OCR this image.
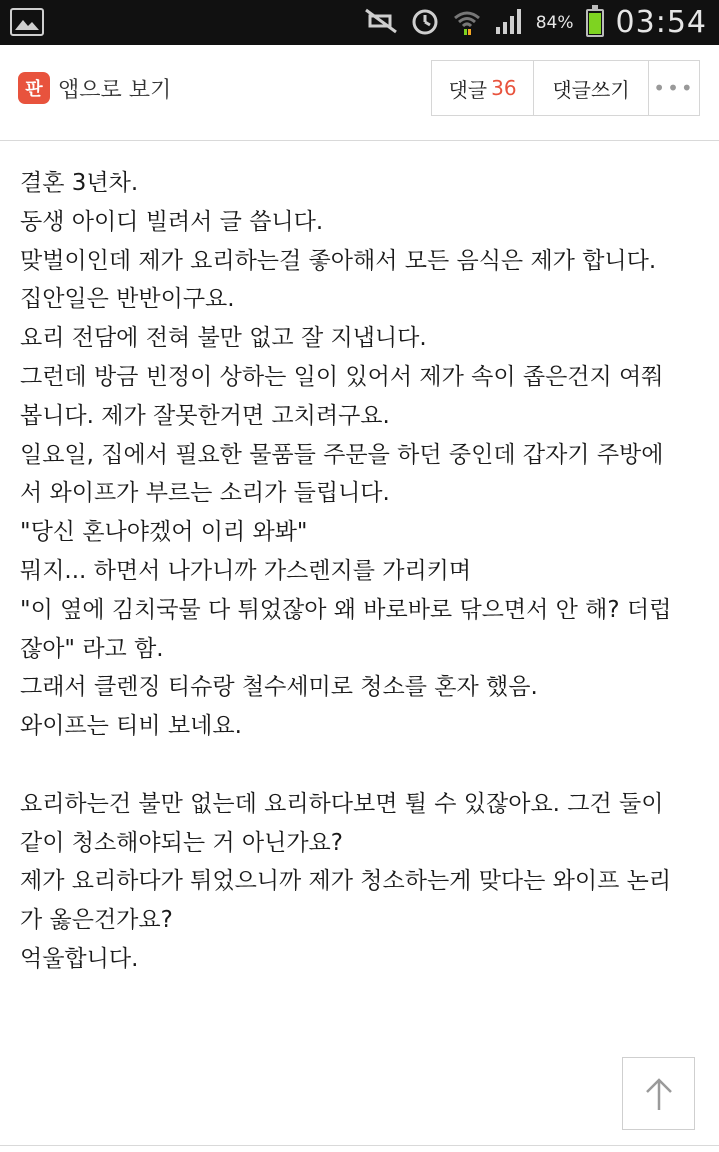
84% 03:54
판 앱으로 보기	댓글 36	댓글쓰기	•••

결혼 3년차.

동생 아이디 빌려서 글 씁니다.

맞벌이인데 제가 요리하는걸 좋아해서 모든 음식은 제가 합니다.

집안일은 반반이구요.

요리 전담에 전혀 불만 없고 잘 지냅니다.

그런데 방금 빈정이 상하는 일이 있어서 제가 속이 좁은건지 여쭤

봅니다. 제가 잘못한거면 고치려구요.

일요일, 집에서 필요한 물품들 주문을 하던 중인데 갑자기 주방에

서 와이프가 부르는 소리가 들립니다.

"당신 혼나야겠어 이리 와봐"

뭐지... 하면서 나가니까 가스렌지를 가리키며

"이 옆에 김치국물 다 튀었잖아 왜 바로바로 닦으면서 안 해? 더럽

잖아" 라고 함.

그래서 클렌징 티슈랑 철수세미로 청소를 혼자 했음.

와이프는 티비 보네요.

요리하는건 불만 없는데 요리하다보면 튈 수 있잖아요. 그건 둘이

같이 청소해야되는 거 아닌가요?

제가 요리하다가 튀었으니까 제가 청소하는게 맞다는 와이프 논리

가 옳은건가요?

억울합니다.
